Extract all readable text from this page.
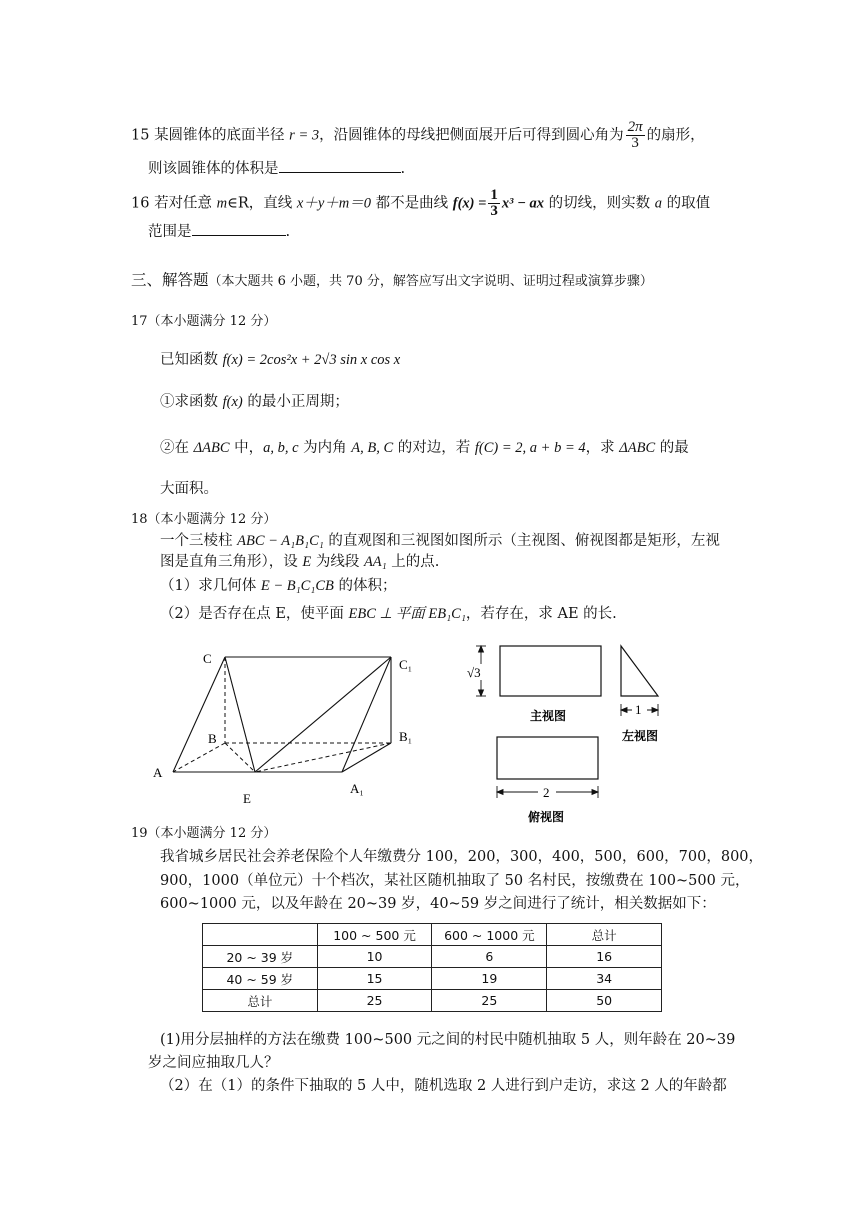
15 某圆锥体的底面半径 r = 3，沿圆锥体的母线把侧面展开后可得到圆心角为 $\frac{2\pi}{3}$ 的扇形，
则该圆锥体的体积是	.
16 若对任意 m∈R，直线 x＋y＋m＝0 都不是曲线 $f(x) = \frac{1}{3} x^3$ − ax 的切线，则实数 a 的取值
范围是	.
三、解答题（本大题共 6 小题，共 70 分，解答应写出文字说明、证明过程或演算步骤）
17（本小题满分 12 分）
已知函数 f(x) = 2cos²x + 2√3 sin x cos x
①求函数 f(x) 的最小正周期；
②在 ΔABC 中，a, b, c 为内角 A, B, C 的对边，若 f(C) = 2, a + b = 4，求 ΔABC 的最
大面积。
18（本小题满分 12 分）
一个三棱柱 ABC − A₁B₁C₁ 的直观图和三视图如图所示（主视图、俯视图都是矩形，左视
图是直角三角形），设 E 为线段 AA₁ 上的点.
（1）求几何体 E − B₁C₁CB 的体积；
（2）是否存在点 E，使平面 EBC ⊥ 平面 EB₁C₁，若存在，求 AE 的长.
C	C₁
B	B₁
A
A₁
E
√3
1
2
主视图
左视图
俯视图
19（本小题满分 12 分）
我省城乡居民社会养老保险个人年缴费分 100，200，300，400，500，600，700，800，
900，1000（单位元）十个档次，某社区随机抽取了 50 名村民，按缴费在 100~500 元，
600~1000 元，以及年龄在 20~39 岁，40~59 岁之间进行了统计，相关数据如下：
	100 ~ 500 元	600 ~ 1000 元	总计
20 ~ 39 岁	10	6	16
40 ~ 59 岁	15	19	34
总计	25	25	50
(1)用分层抽样的方法在缴费 100~500 元之间的村民中随机抽取 5 人，则年龄在 20~39
岁之间应抽取几人？
（2）在（1）的条件下抽取的 5 人中，随机选取 2 人进行到户走访，求这 2 人的年龄都
